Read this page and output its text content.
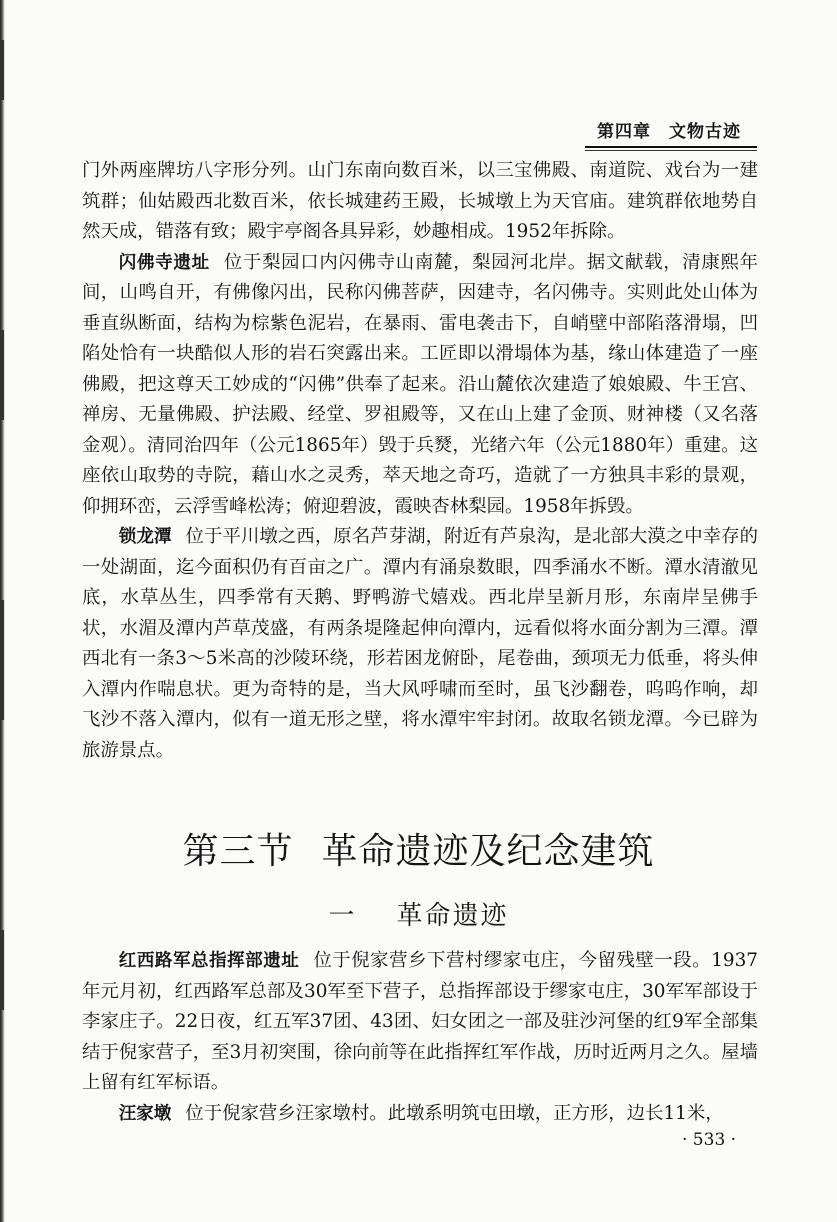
第四章　文物古迹

门外两座牌坊八字形分列。山门东南向数百米，以三宝佛殿、南道院、戏台为一建筑群；仙姑殿西北数百米，依长城建药王殿，长城墩上为天官庙。建筑群依地势自然天成，错落有致；殿宇亭阁各具异彩，妙趣相成。1952年拆除。

闪佛寺遗址 位于梨园口内闪佛寺山南麓，梨园河北岸。据文献载，清康熙年间，山鸣自开，有佛像闪出，民称闪佛菩萨，因建寺，名闪佛寺。实则此处山体为垂直纵断面，结构为棕紫色泥岩，在暴雨、雷电袭击下，自峭壁中部陷落滑塌，凹陷处恰有一块酷似人形的岩石突露出来。工匠即以滑塌体为基，缘山体建造了一座佛殿，把这尊天工妙成的“闪佛”供奉了起来。沿山麓依次建造了娘娘殿、牛王宫、禅房、无量佛殿、护法殿、经堂、罗祖殿等，又在山上建了金顶、财神楼（又名落金观）。清同治四年（公元1865年）毁于兵燹，光绪六年（公元1880年）重建。这座依山取势的寺院，藉山水之灵秀，萃天地之奇巧，造就了一方独具丰彩的景观，仰拥环峦，云浮雪峰松涛；俯迎碧波，霞映杏林梨园。1958年拆毁。

锁龙潭 位于平川墩之西，原名芦芽湖，附近有芦泉沟，是北部大漠之中幸存的一处湖面，迄今面积仍有百亩之广。潭内有涌泉数眼，四季涌水不断。潭水清澈见底，水草丛生，四季常有天鹅、野鸭游弋嬉戏。西北岸呈新月形，东南岸呈佛手状，水湄及潭内芦草茂盛，有两条堤隆起伸向潭内，远看似将水面分割为三潭。潭西北有一条3～5米高的沙陵环绕，形若困龙俯卧，尾卷曲，颈项无力低垂，将头伸入潭内作喘息状。更为奇特的是，当大风呼啸而至时，虽飞沙翻卷，呜呜作响，却飞沙不落入潭内，似有一道无形之壁，将水潭牢牢封闭。故取名锁龙潭。今已辟为旅游景点。

第三节 革命遗迹及纪念建筑
一 革命遗迹

红西路军总指挥部遗址 位于倪家营乡下营村缪家屯庄，今留残壁一段。1937年元月初，红西路军总部及30军至下营子，总指挥部设于缪家屯庄，30军军部设于李家庄子。22日夜，红五军37团、43团、妇女团之一部及驻沙河堡的红9军全部集结于倪家营子，至3月初突围，徐向前等在此指挥红军作战，历时近两月之久。屋墙上留有红军标语。

汪家墩 位于倪家营乡汪家墩村。此墩系明筑屯田墩，正方形，边长11米，

· 533 ·
